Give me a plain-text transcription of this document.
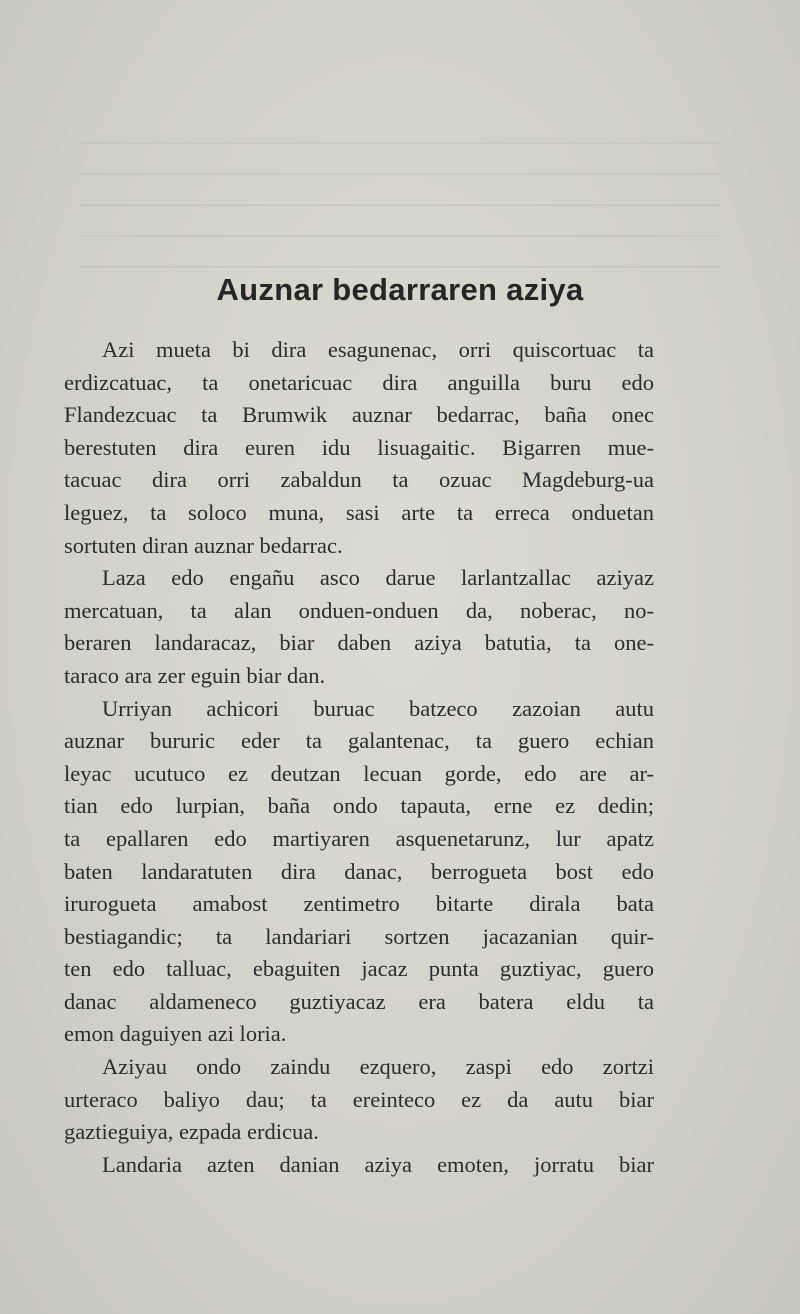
Auznar bedarraren aziya
Azi mueta bi dira esagunenac, orri quiscortuac ta
erdizcatuac, ta onetaricuac dira anguilla buru edo
Flandezcuac ta Brumwik auznar bedarrac, baña onec
berestuten dira euren idu lisuagaitic. Bigarren mue-
tacuac dira orri zabaldun ta ozuac Magdeburg-ua
leguez, ta soloco muna, sasi arte ta erreca onduetan
sortuten diran auznar bedarrac.
Laza edo engañu asco darue larlantzallac aziyaz
mercatuan, ta alan onduen-onduen da, noberac, no-
beraren landaracaz, biar daben aziya batutia, ta one-
taraco ara zer eguin biar dan.
Urriyan achicori buruac batzeco zazoian autu
auznar bururic eder ta galantenac, ta guero echian
leyac ucutuco ez deutzan lecuan gorde, edo are ar-
tian edo lurpian, baña ondo tapauta, erne ez dedin;
ta epallaren edo martiyaren asquenetarunz, lur apatz
baten landaratuten dira danac, berrogueta bost edo
irurogueta amabost zentimetro bitarte dirala bata
bestiagandic; ta landariari sortzen jacazanian quir-
ten edo talluac, ebaguiten jacaz punta guztiyac, guero
danac aldameneco guztiyacaz era batera eldu ta
emon daguiyen azi loria.
Aziyau ondo zaindu ezquero, zaspi edo zortzi
urteraco baliyo dau; ta ereinteco ez da autu biar
gaztieguiya, ezpada erdicua.
Landaria azten danian aziya emoten, jorratu biar
